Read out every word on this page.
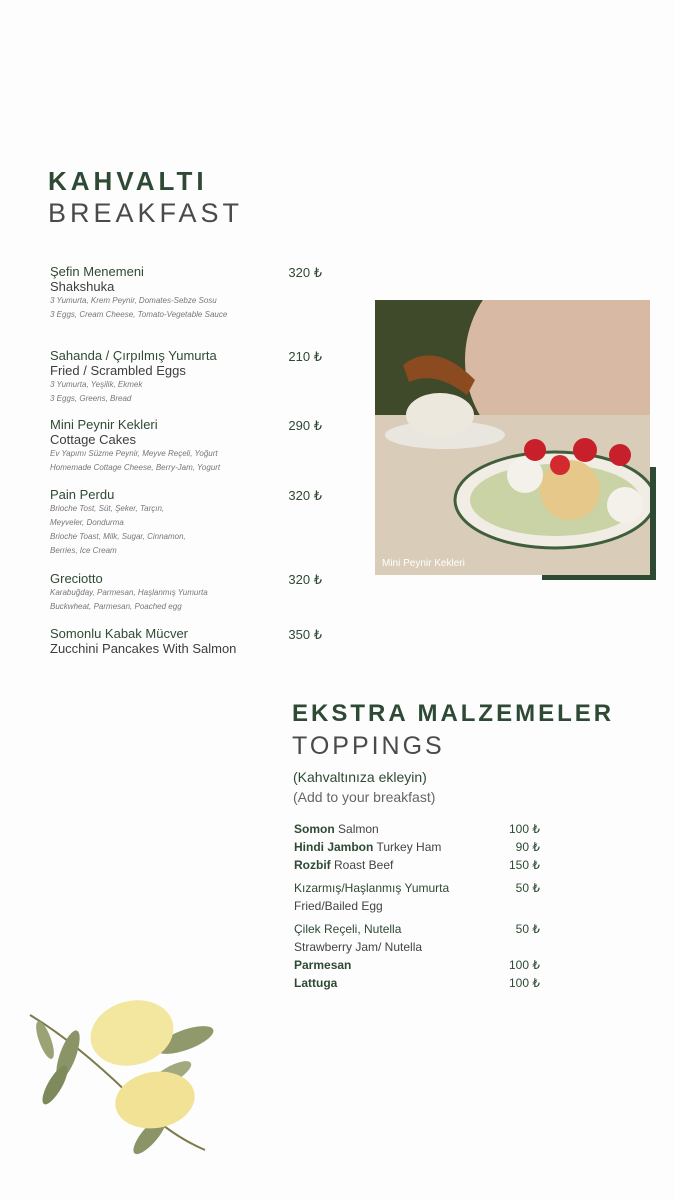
KAHVALTI
BREAKFAST
Şefin Menemeni
Shakshuka
3 Yumurta, Krem Peynir, Domates-Sebze Sosu
3 Eggs, Cream Cheese, Tomato-Vegetable Sauce
320 ₺
Sahanda / Çırpılmış Yumurta
Fried / Scrambled Eggs
3 Yumurta, Yeşilik, Ekmek
3 Eggs, Greens, Bread
210 ₺
Mini Peynir Kekleri
Cottage Cakes
Ev Yapımı Süzme Peynir, Meyve Reçeli, Yoğurt
Homemade Cottage Cheese, Berry-Jam, Yogurt
290 ₺
Pain Perdu
Brioche Tost, Süt, Şeker, Tarçın,
Meyveler, Dondurma
Brioche Toast, Milk, Sugar, Cinnamon,
Berries, Ice Cream
320 ₺
Greciotto
Karabuğday, Parmesan, Haşlanmış Yumurta
Buckwheat, Parmesan, Poached egg
320 ₺
Somonlu Kabak Mücver
Zucchini Pancakes With Salmon
350 ₺
Mini Peynir Kekleri
EKSTRA MALZEMELER
TOPPINGS
(Kahvaltınıza ekleyin)
(Add to your breakfast)
Somon Salmon	100 ₺
Hindi Jambon Turkey Ham	90 ₺
Rozbif Roast Beef	150 ₺
Kızarmış/Haşlanmış Yumurta
Fried/Bailed Egg
50 ₺
Çilek Reçeli, Nutella
Strawberry Jam/ Nutella
50 ₺
Parmesan	100 ₺
Lattuga	100 ₺
